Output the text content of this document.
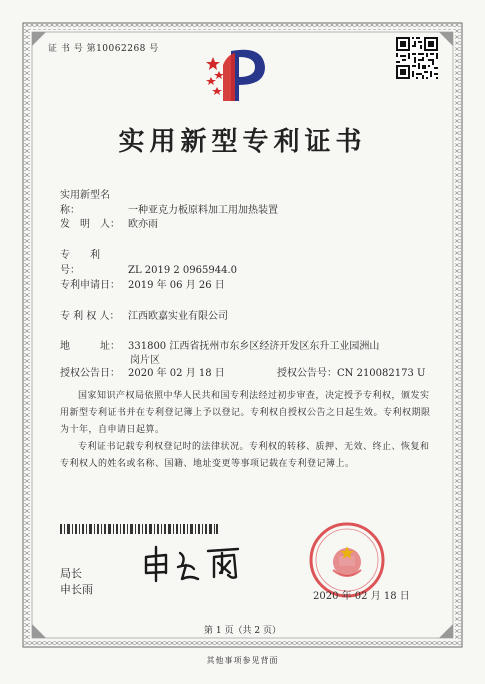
证 书 号 第10062268 号
实用新型专利证书
实用新型名称：	一种亚克力板原料加工用加热装置
发　明　人： 欧亦雨
专　　利　号：	ZL 2019 2 0965944.0
专利申请日： 2019 年 06 月 26 日
专 利 权 人： 江西欧嘉实业有限公司
地　　　址： 331800 江西省抚州市东乡区经济开发区东升工业园洲山
岗片区
授权公告日： 2020 年 02 月 18 日	授权公告号：CN 210082173 U
国家知识产权局依照中华人民共和国专利法经过初步审查，决定授予专利权，颁发实用新型专利证书并在专利登记簿上予以登记。专利权自授权公告之日起生效。专利权期限为十年，自申请日起算。
专利证书记载专利权登记时的法律状况。专利权的转移、质押、无效、终止、恢复和专利权人的姓名或名称、国籍、地址变更等事项记载在专利登记簿上。
局长
申长雨
2020 年 02 月 18 日
第 1 页（共 2 页）
其他事项参见背面
